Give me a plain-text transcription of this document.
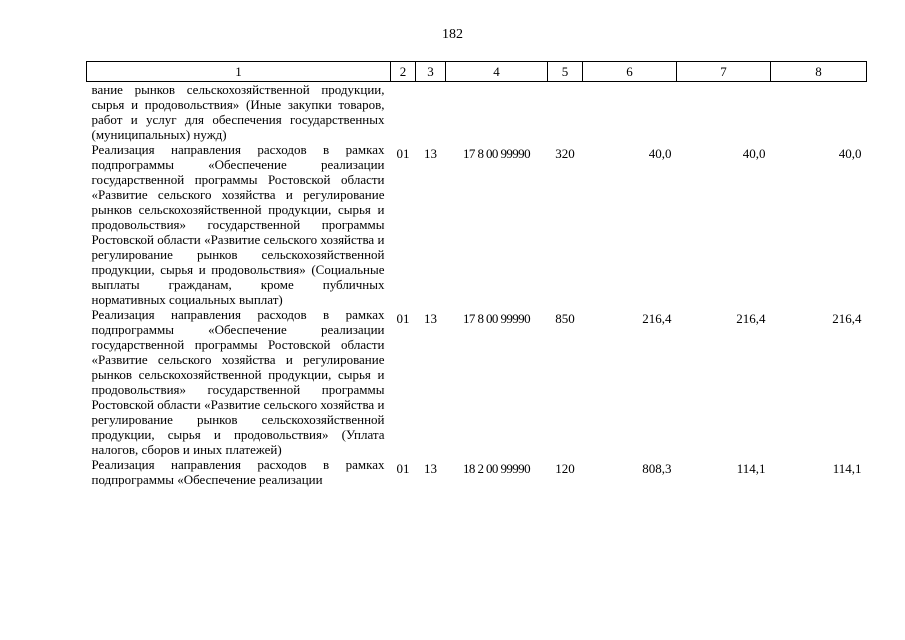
182
1	2	3	4	5	6	7	8
вание рынков сельскохозяйственной продукции, сырья и продовольствия» (Иные закупки товаров, работ и услуг для обеспечения государственных (муниципальных) нужд)							
Реализация направления расходов в рамках подпрограммы «Обеспечение реализации государственной программы Ростовской области «Развитие сельского хозяйства и регулирование рынков сельскохозяйственной продукции, сырья и продовольствия» государственной программы Ростовской области «Развитие сельского хозяйства и регулирование рынков сельскохозяйственной продукции, сырья и продовольствия» (Социальные выплаты гражданам, кроме публичных нормативных социальных выплат)	01	13	17 8 00 99990	320	40,0	40,0	40,0
Реализация направления расходов в рамках подпрограммы «Обеспечение реализации государственной программы Ростовской области «Развитие сельского хозяйства и регулирование рынков сельскохозяйственной продукции, сырья и продовольствия» государственной программы Ростовской области «Развитие сельского хозяйства и регулирование рынков сельскохозяйственной продукции, сырья и продовольствия» (Уплата налогов, сборов и иных платежей)	01	13	17 8 00 99990	850	216,4	216,4	216,4
Реализация направления расходов в рамках подпрограммы «Обеспечение реализации	01	13	18 2 00 99990	120	808,3	114,1	114,1
